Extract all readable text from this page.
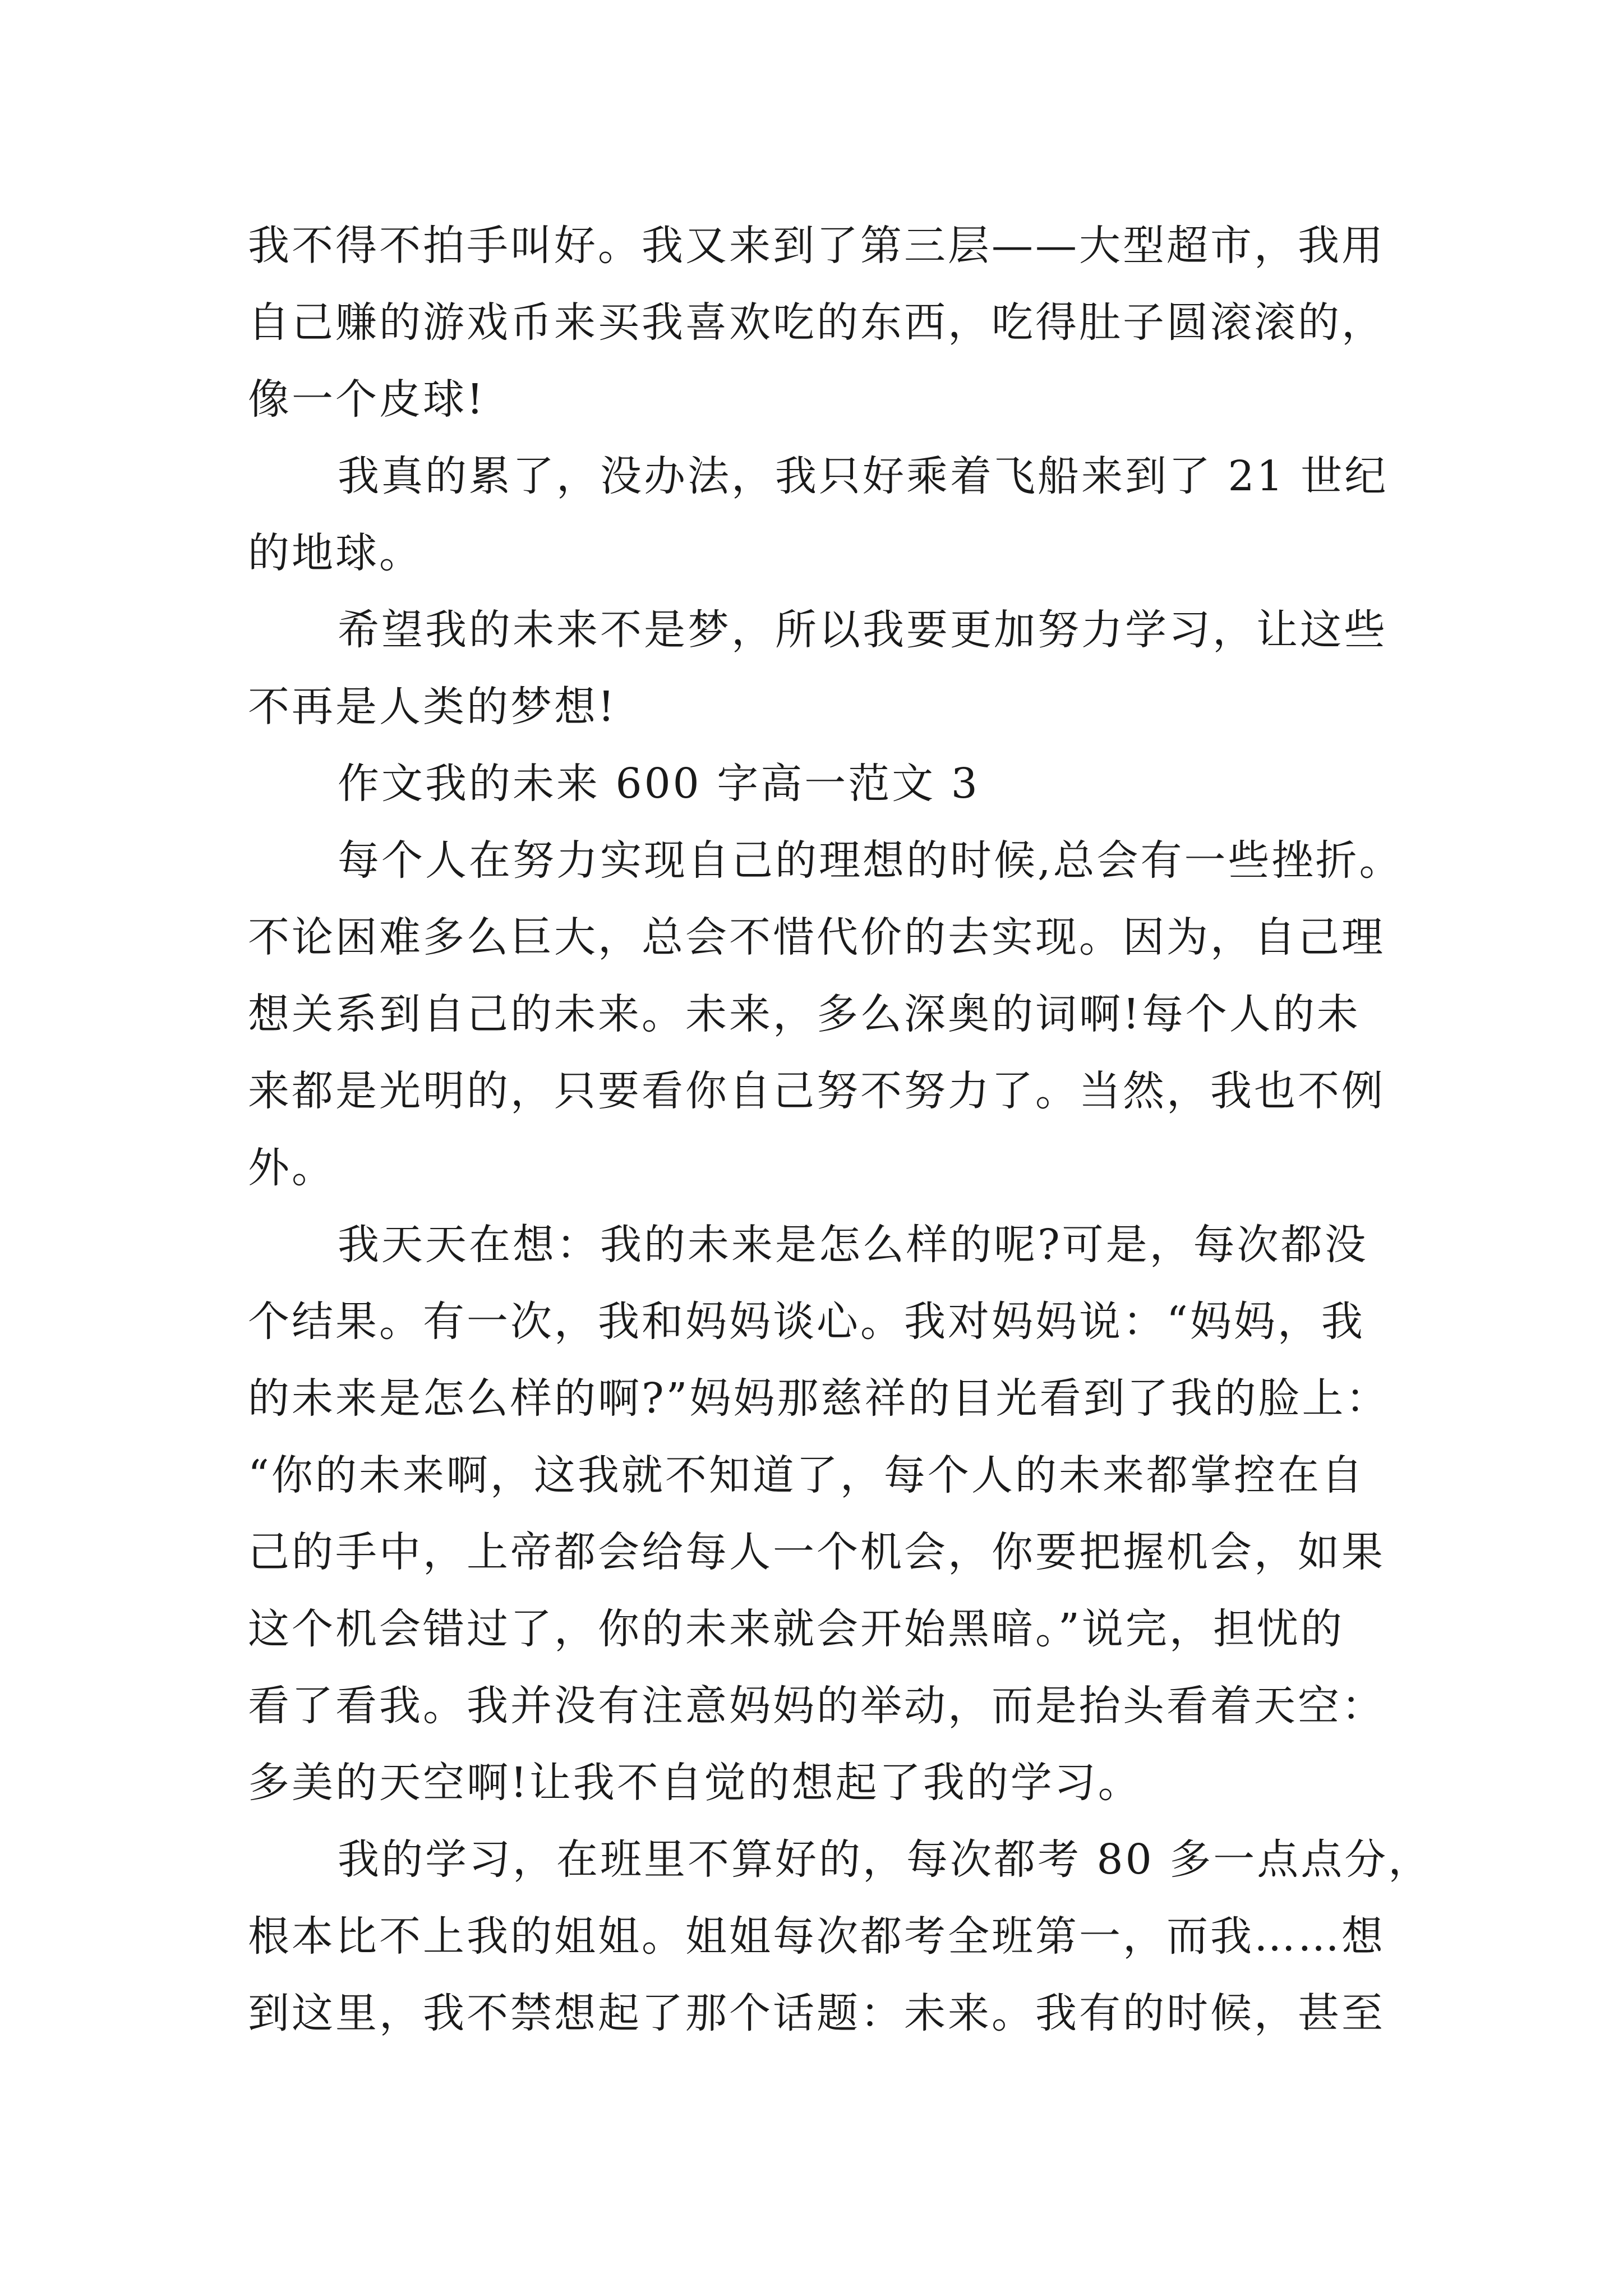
我不得不拍手叫好。我又来到了第三层——大型超市，我用
自己赚的游戏币来买我喜欢吃的东西，吃得肚子圆滚滚的，
像一个皮球!
我真的累了，没办法，我只好乘着飞船来到了 21 世纪
的地球。
希望我的未来不是梦，所以我要更加努力学习，让这些
不再是人类的梦想!
作文我的未来 600 字高一范文 3
每个人在努力实现自己的理想的时候,总会有一些挫折。
不论困难多么巨大，总会不惜代价的去实现。因为，自己理
想关系到自己的未来。未来，多么深奥的词啊!每个人的未
来都是光明的，只要看你自己努不努力了。当然，我也不例
外。
我天天在想：我的未来是怎么样的呢?可是，每次都没
个结果。有一次，我和妈妈谈心。我对妈妈说：“妈妈，我
的未来是怎么样的啊?”妈妈那慈祥的目光看到了我的脸上：
“你的未来啊，这我就不知道了，每个人的未来都掌控在自
己的手中，上帝都会给每人一个机会，你要把握机会，如果
这个机会错过了，你的未来就会开始黑暗。”说完，担忧的
看了看我。我并没有注意妈妈的举动，而是抬头看着天空：
多美的天空啊!让我不自觉的想起了我的学习。
我的学习，在班里不算好的，每次都考 80 多一点点分，
根本比不上我的姐姐。姐姐每次都考全班第一，而我……想
到这里，我不禁想起了那个话题：未来。我有的时候，甚至
